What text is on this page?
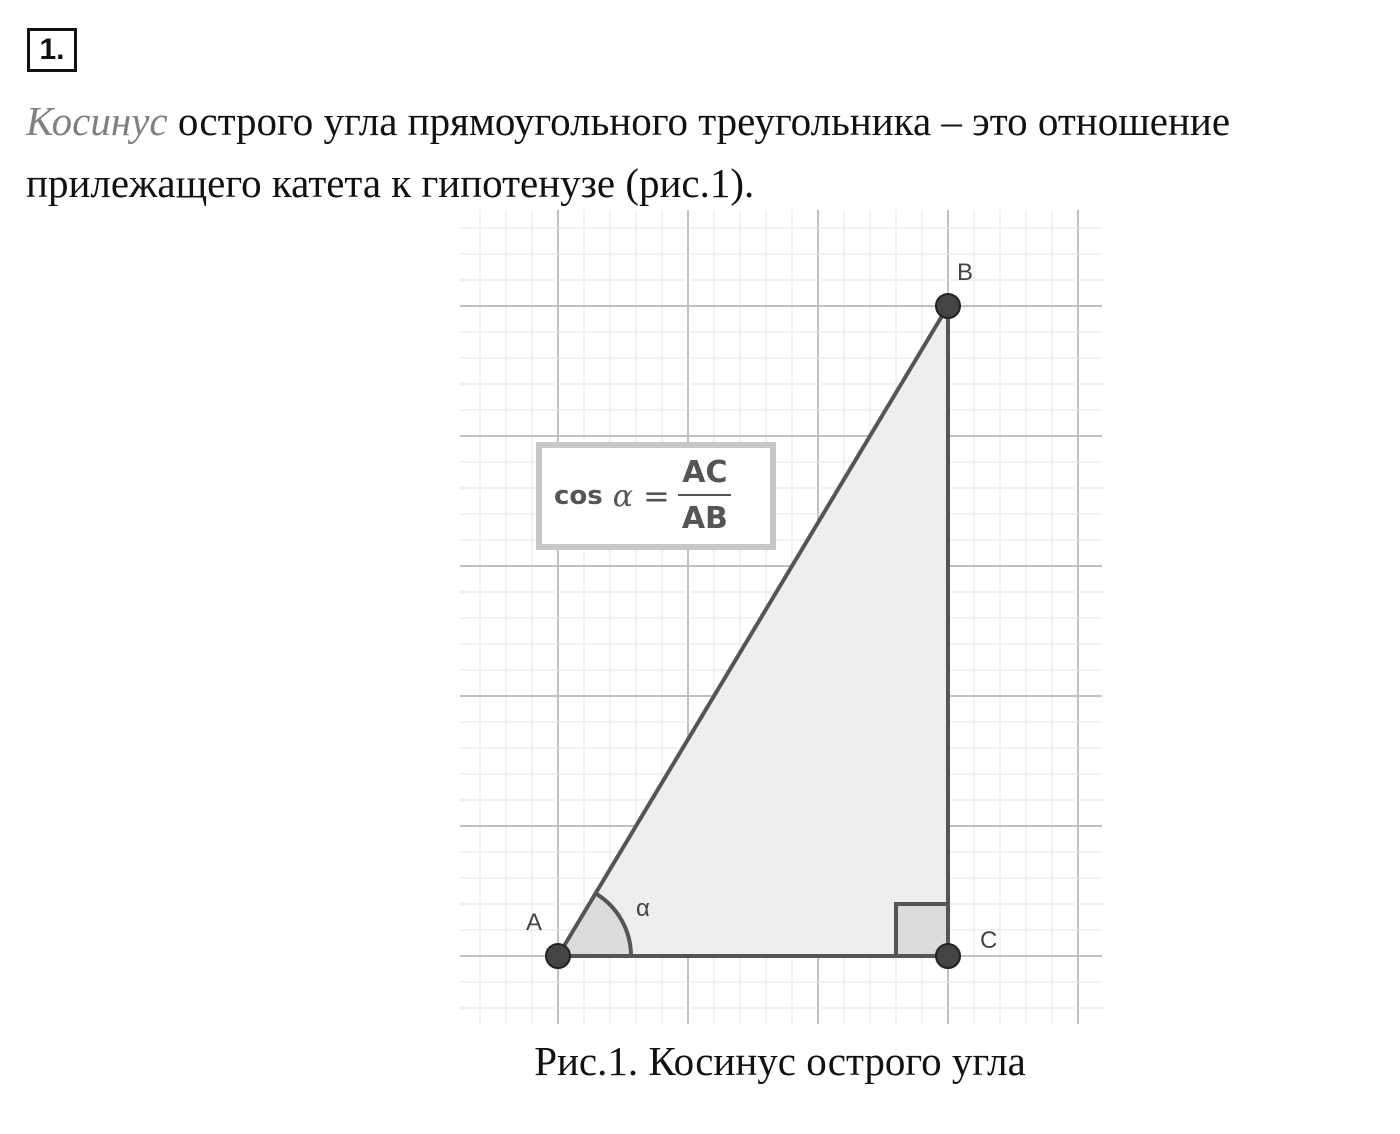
1.

Косинус острого угла прямоугольного треугольника – это отношение прилежащего катета к гипотенузе (рис.1).

A
B
C
α
$\cos \alpha = \frac{AC}{AB}$

Рис.1. Косинус острого угла
